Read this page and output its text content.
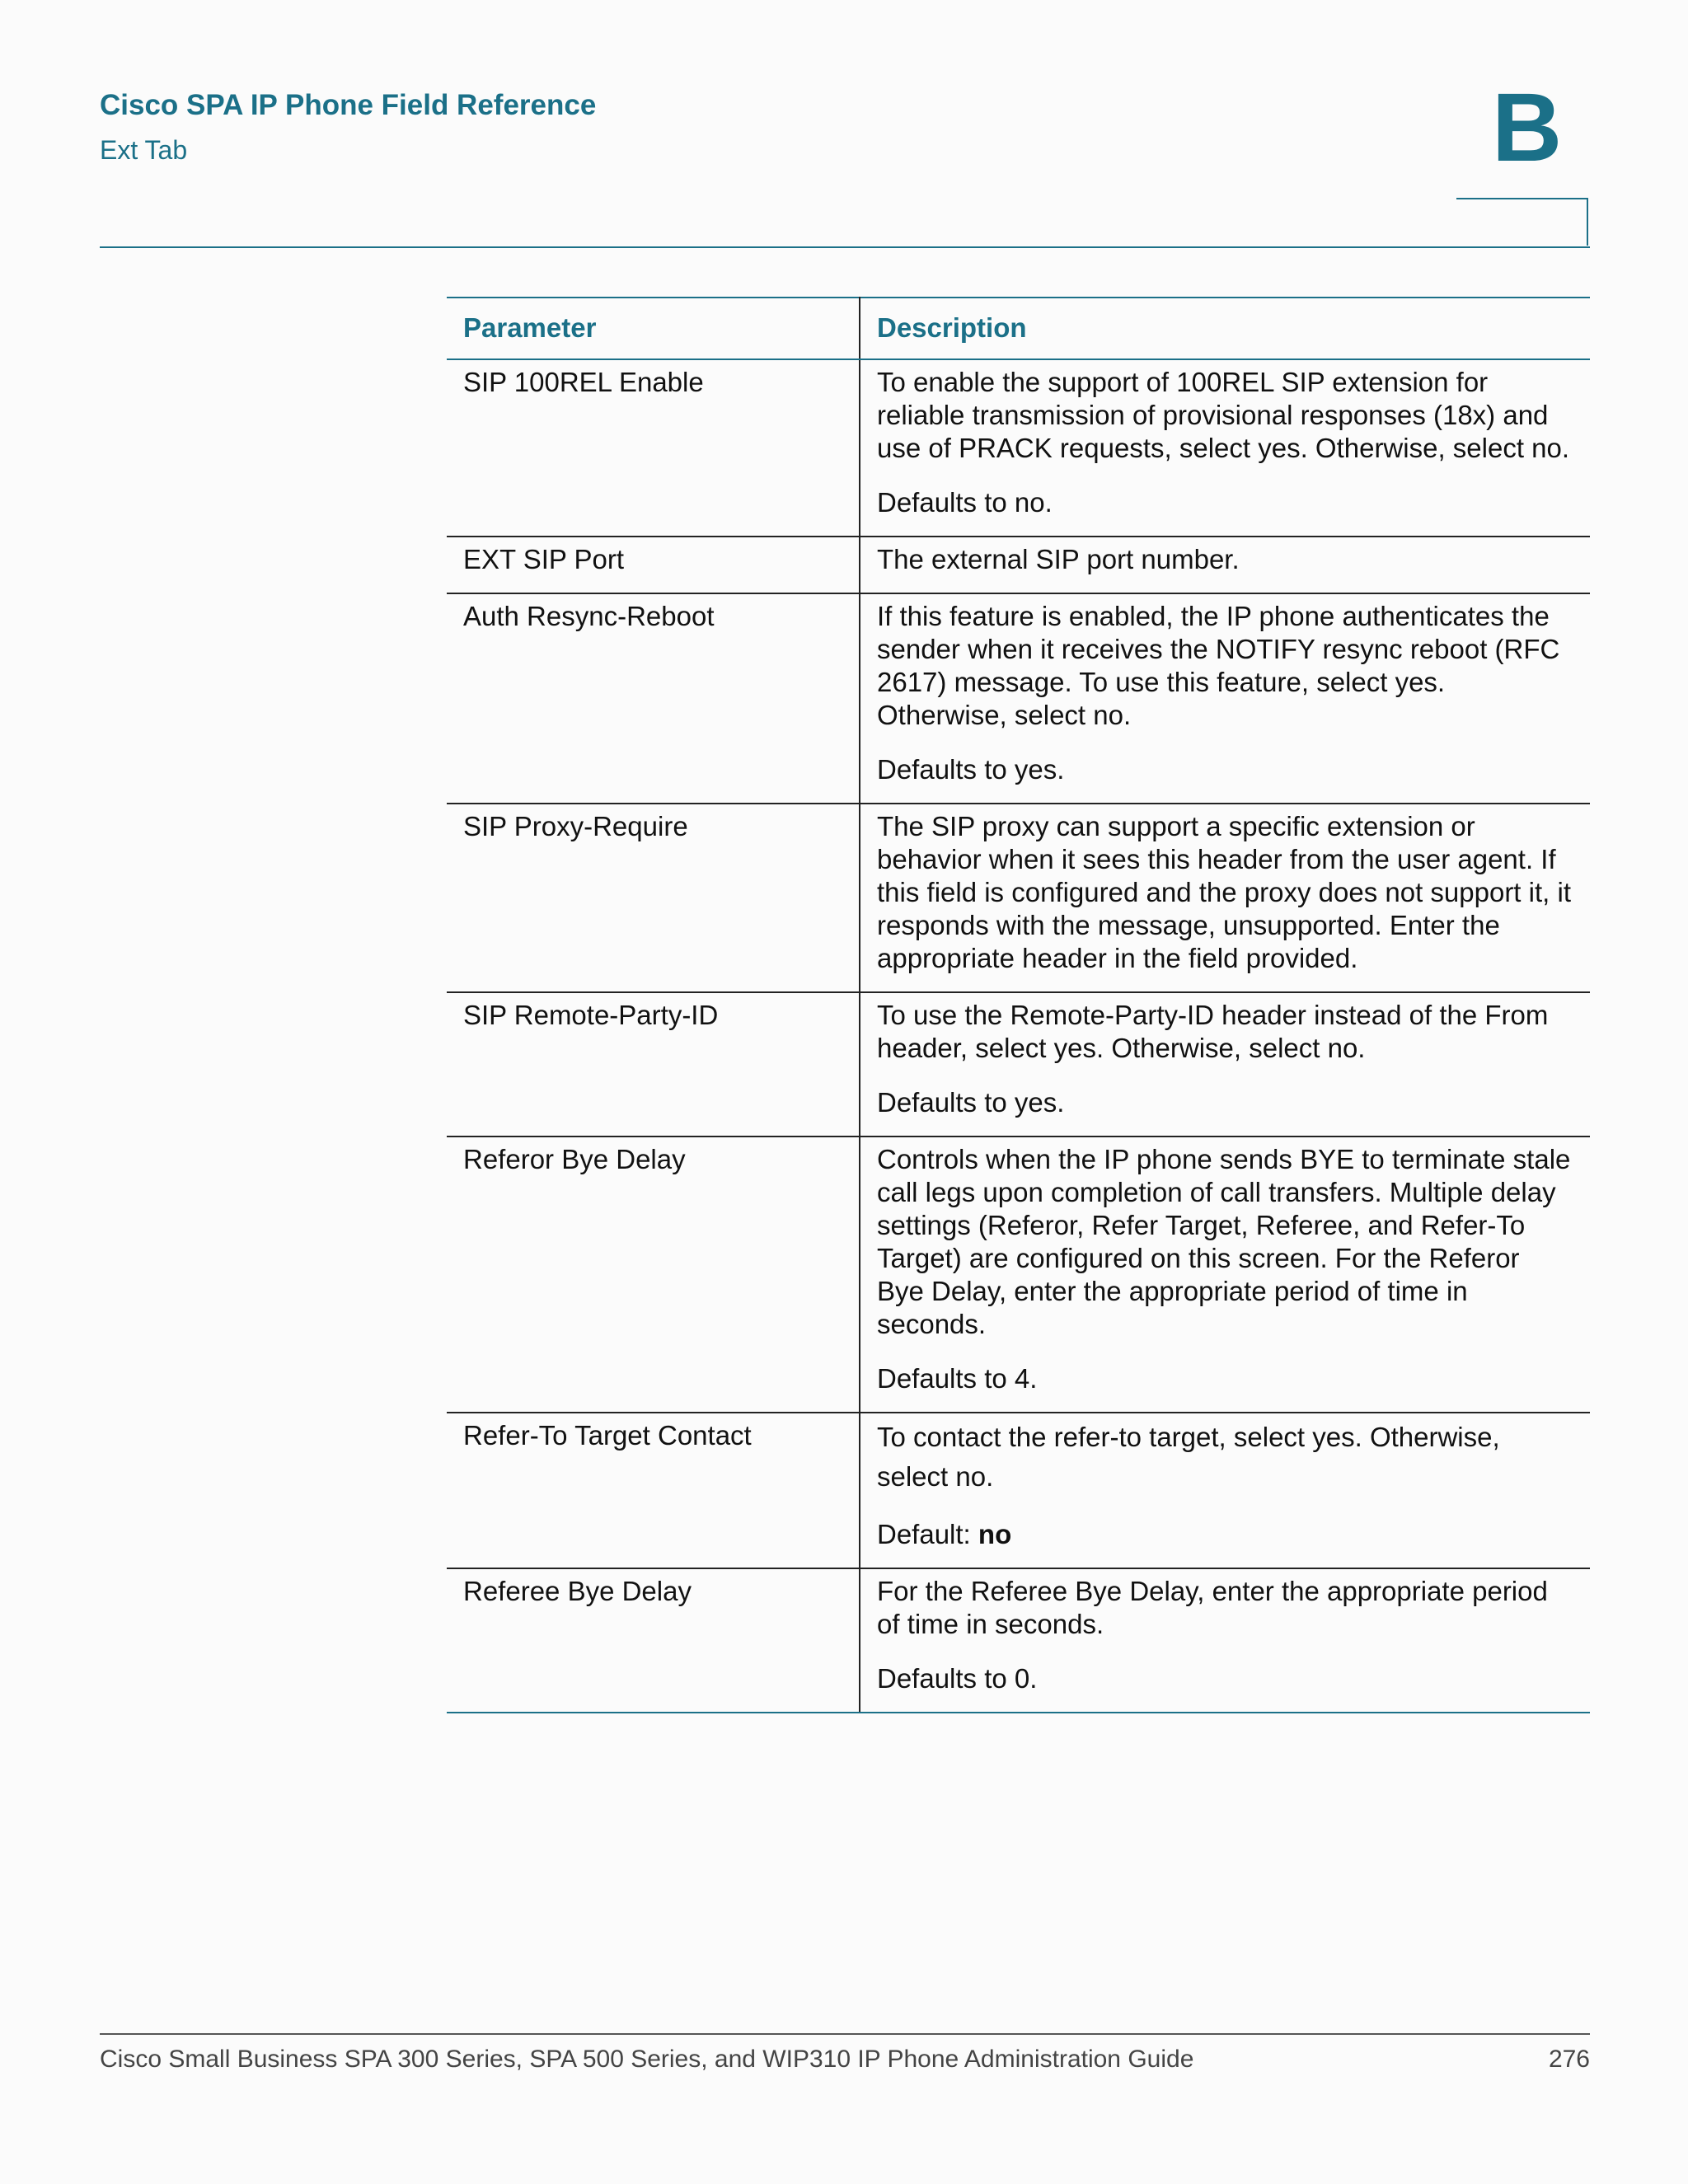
Cisco SPA IP Phone Field Reference
Ext Tab	B
Parameter	Description
SIP 100REL Enable	To enable the support of 100REL SIP extension for reliable transmission of provisional responses (18x) and use of PRACK requests, select yes. Otherwise, select no.

Defaults to no.

EXT SIP Port	The external SIP port number.

Auth Resync-Reboot	If this feature is enabled, the IP phone authenticates the sender when it receives the NOTIFY resync reboot (RFC 2617) message. To use this feature, select yes. Otherwise, select no.

Defaults to yes.

SIP Proxy-Require	The SIP proxy can support a specific extension or behavior when it sees this header from the user agent. If this field is configured and the proxy does not support it, it responds with the message, unsupported. Enter the appropriate header in the field provided.

SIP Remote-Party-ID	To use the Remote-Party-ID header instead of the From header, select yes. Otherwise, select no.

Defaults to yes.

Referor Bye Delay	Controls when the IP phone sends BYE to terminate stale call legs upon completion of call transfers. Multiple delay settings (Referor, Refer Target, Referee, and Refer-To Target) are configured on this screen. For the Referor Bye Delay, enter the appropriate period of time in seconds.

Defaults to 4.

Refer-To Target Contact	To contact the refer-to target, select yes. Otherwise, select no.

Default: no

Referee Bye Delay	For the Referee Bye Delay, enter the appropriate period of time in seconds.

Defaults to 0.

Cisco Small Business SPA 300 Series, SPA 500 Series, and WIP310 IP Phone Administration Guide	276
